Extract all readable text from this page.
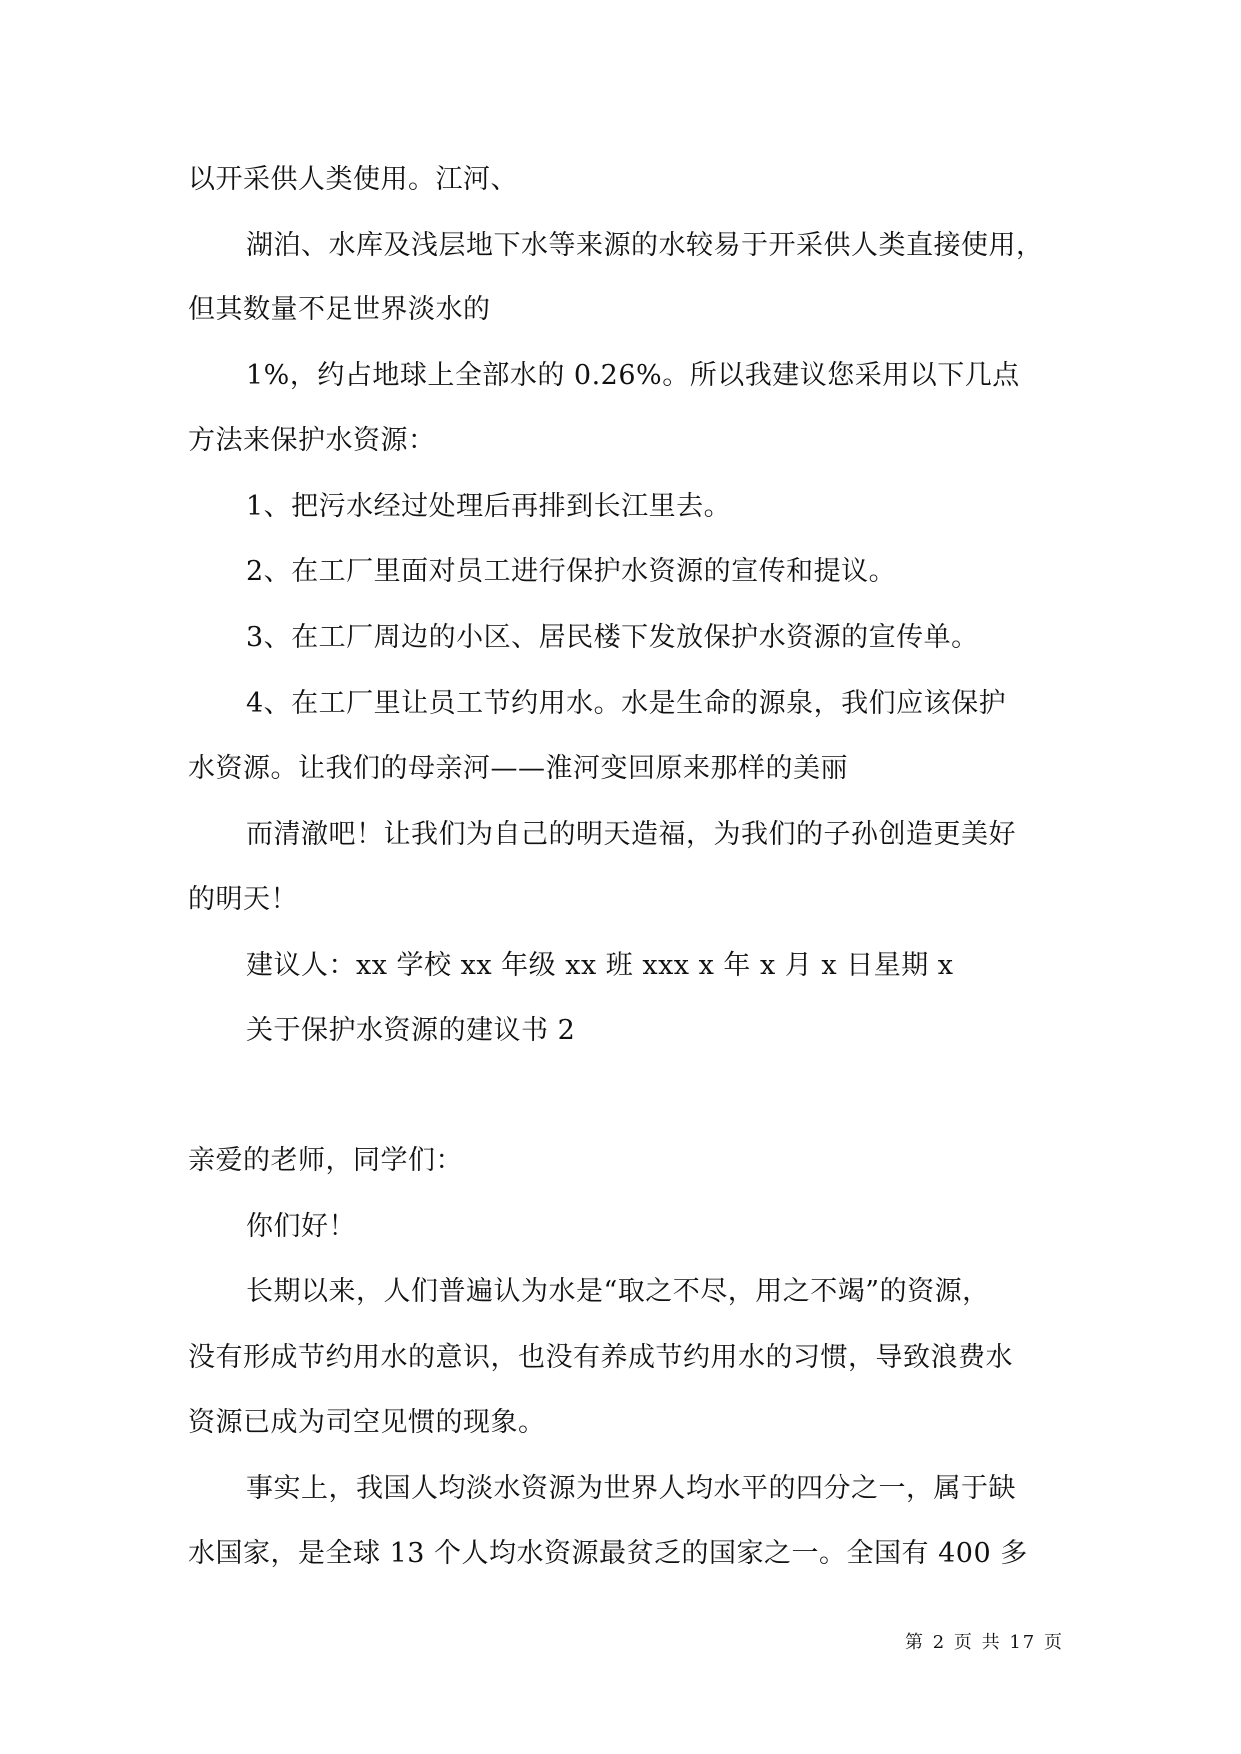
以开采供人类使用。江河、
湖泊、水库及浅层地下水等来源的水较易于开采供人类直接使用，
但其数量不足世界淡水的
1%，约占地球上全部水的 0.26%。所以我建议您采用以下几点
方法来保护水资源：
1、把污水经过处理后再排到长江里去。
2、在工厂里面对员工进行保护水资源的宣传和提议。
3、在工厂周边的小区、居民楼下发放保护水资源的宣传单。
4、在工厂里让员工节约用水。水是生命的源泉，我们应该保护
水资源。让我们的母亲河——淮河变回原来那样的美丽
而清澈吧！让我们为自己的明天造福，为我们的子孙创造更美好
的明天！
建议人：xx 学校 xx 年级 xx 班 xxx x 年 x 月 x 日星期 x
关于保护水资源的建议书 2
亲爱的老师，同学们：
你们好！
长期以来，人们普遍认为水是“取之不尽，用之不竭”的资源，
没有形成节约用水的意识，也没有养成节约用水的习惯，导致浪费水
资源已成为司空见惯的现象。
事实上，我国人均淡水资源为世界人均水平的四分之一，属于缺
水国家，是全球 13 个人均水资源最贫乏的国家之一。全国有 400 多
第 2 页 共 17 页
